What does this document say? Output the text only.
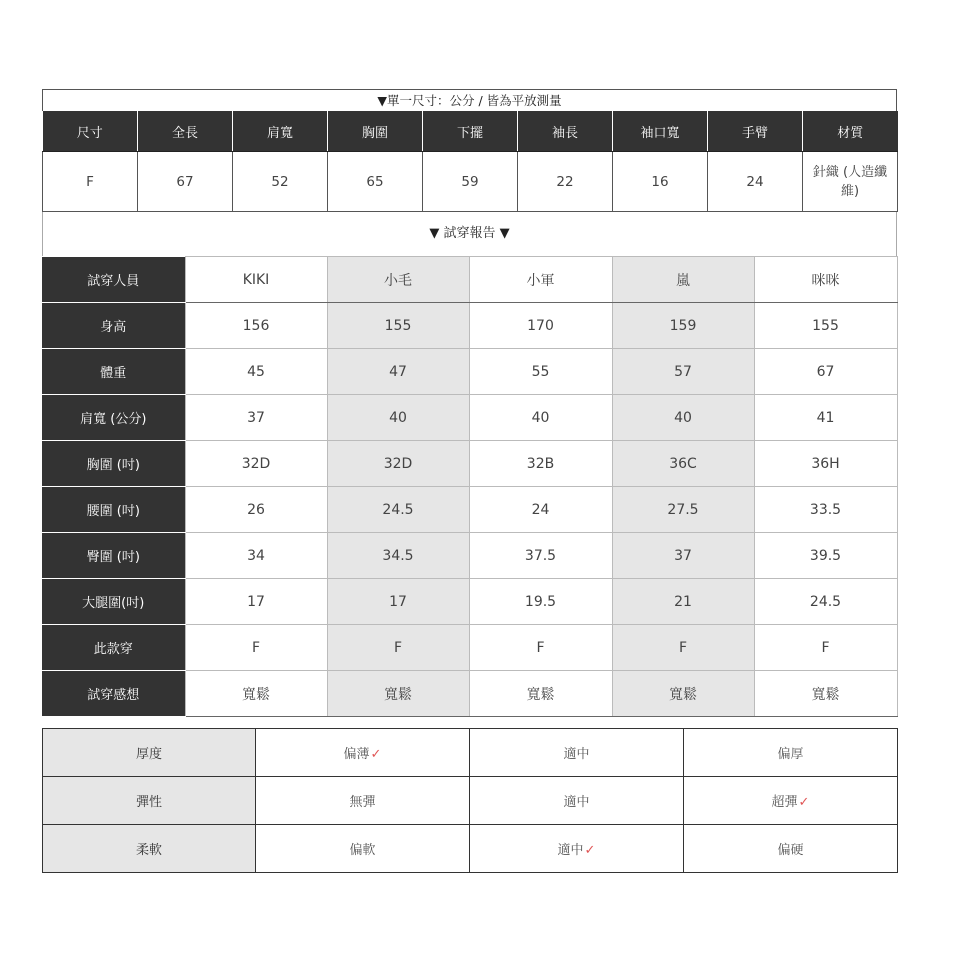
▼單一尺寸：公分 / 皆為平放測量
尺寸	全長	肩寬	胸圍	下擺	袖長	袖口寬	手臂	材質
F	67	52	65	59	22	16	24	針織 (人造纖維)
▼ 試穿報告 ▼
試穿人員	KIKI	小毛	小軍	嵐	咪咪
身高	156	155	170	159	155
體重	45	47	55	57	67
肩寬 (公分)	37	40	40	40	41
胸圍 (吋)	32D	32D	32B	36C	36H
腰圍 (吋)	26	24.5	24	27.5	33.5
臀圍 (吋)	34	34.5	37.5	37	39.5
大腿圍(吋)	17	17	19.5	21	24.5
此款穿	F	F	F	F	F
試穿感想	寬鬆	寬鬆	寬鬆	寬鬆	寬鬆
厚度	偏薄✓	適中	偏厚
彈性	無彈	適中	超彈✓
柔軟	偏軟	適中✓	偏硬
